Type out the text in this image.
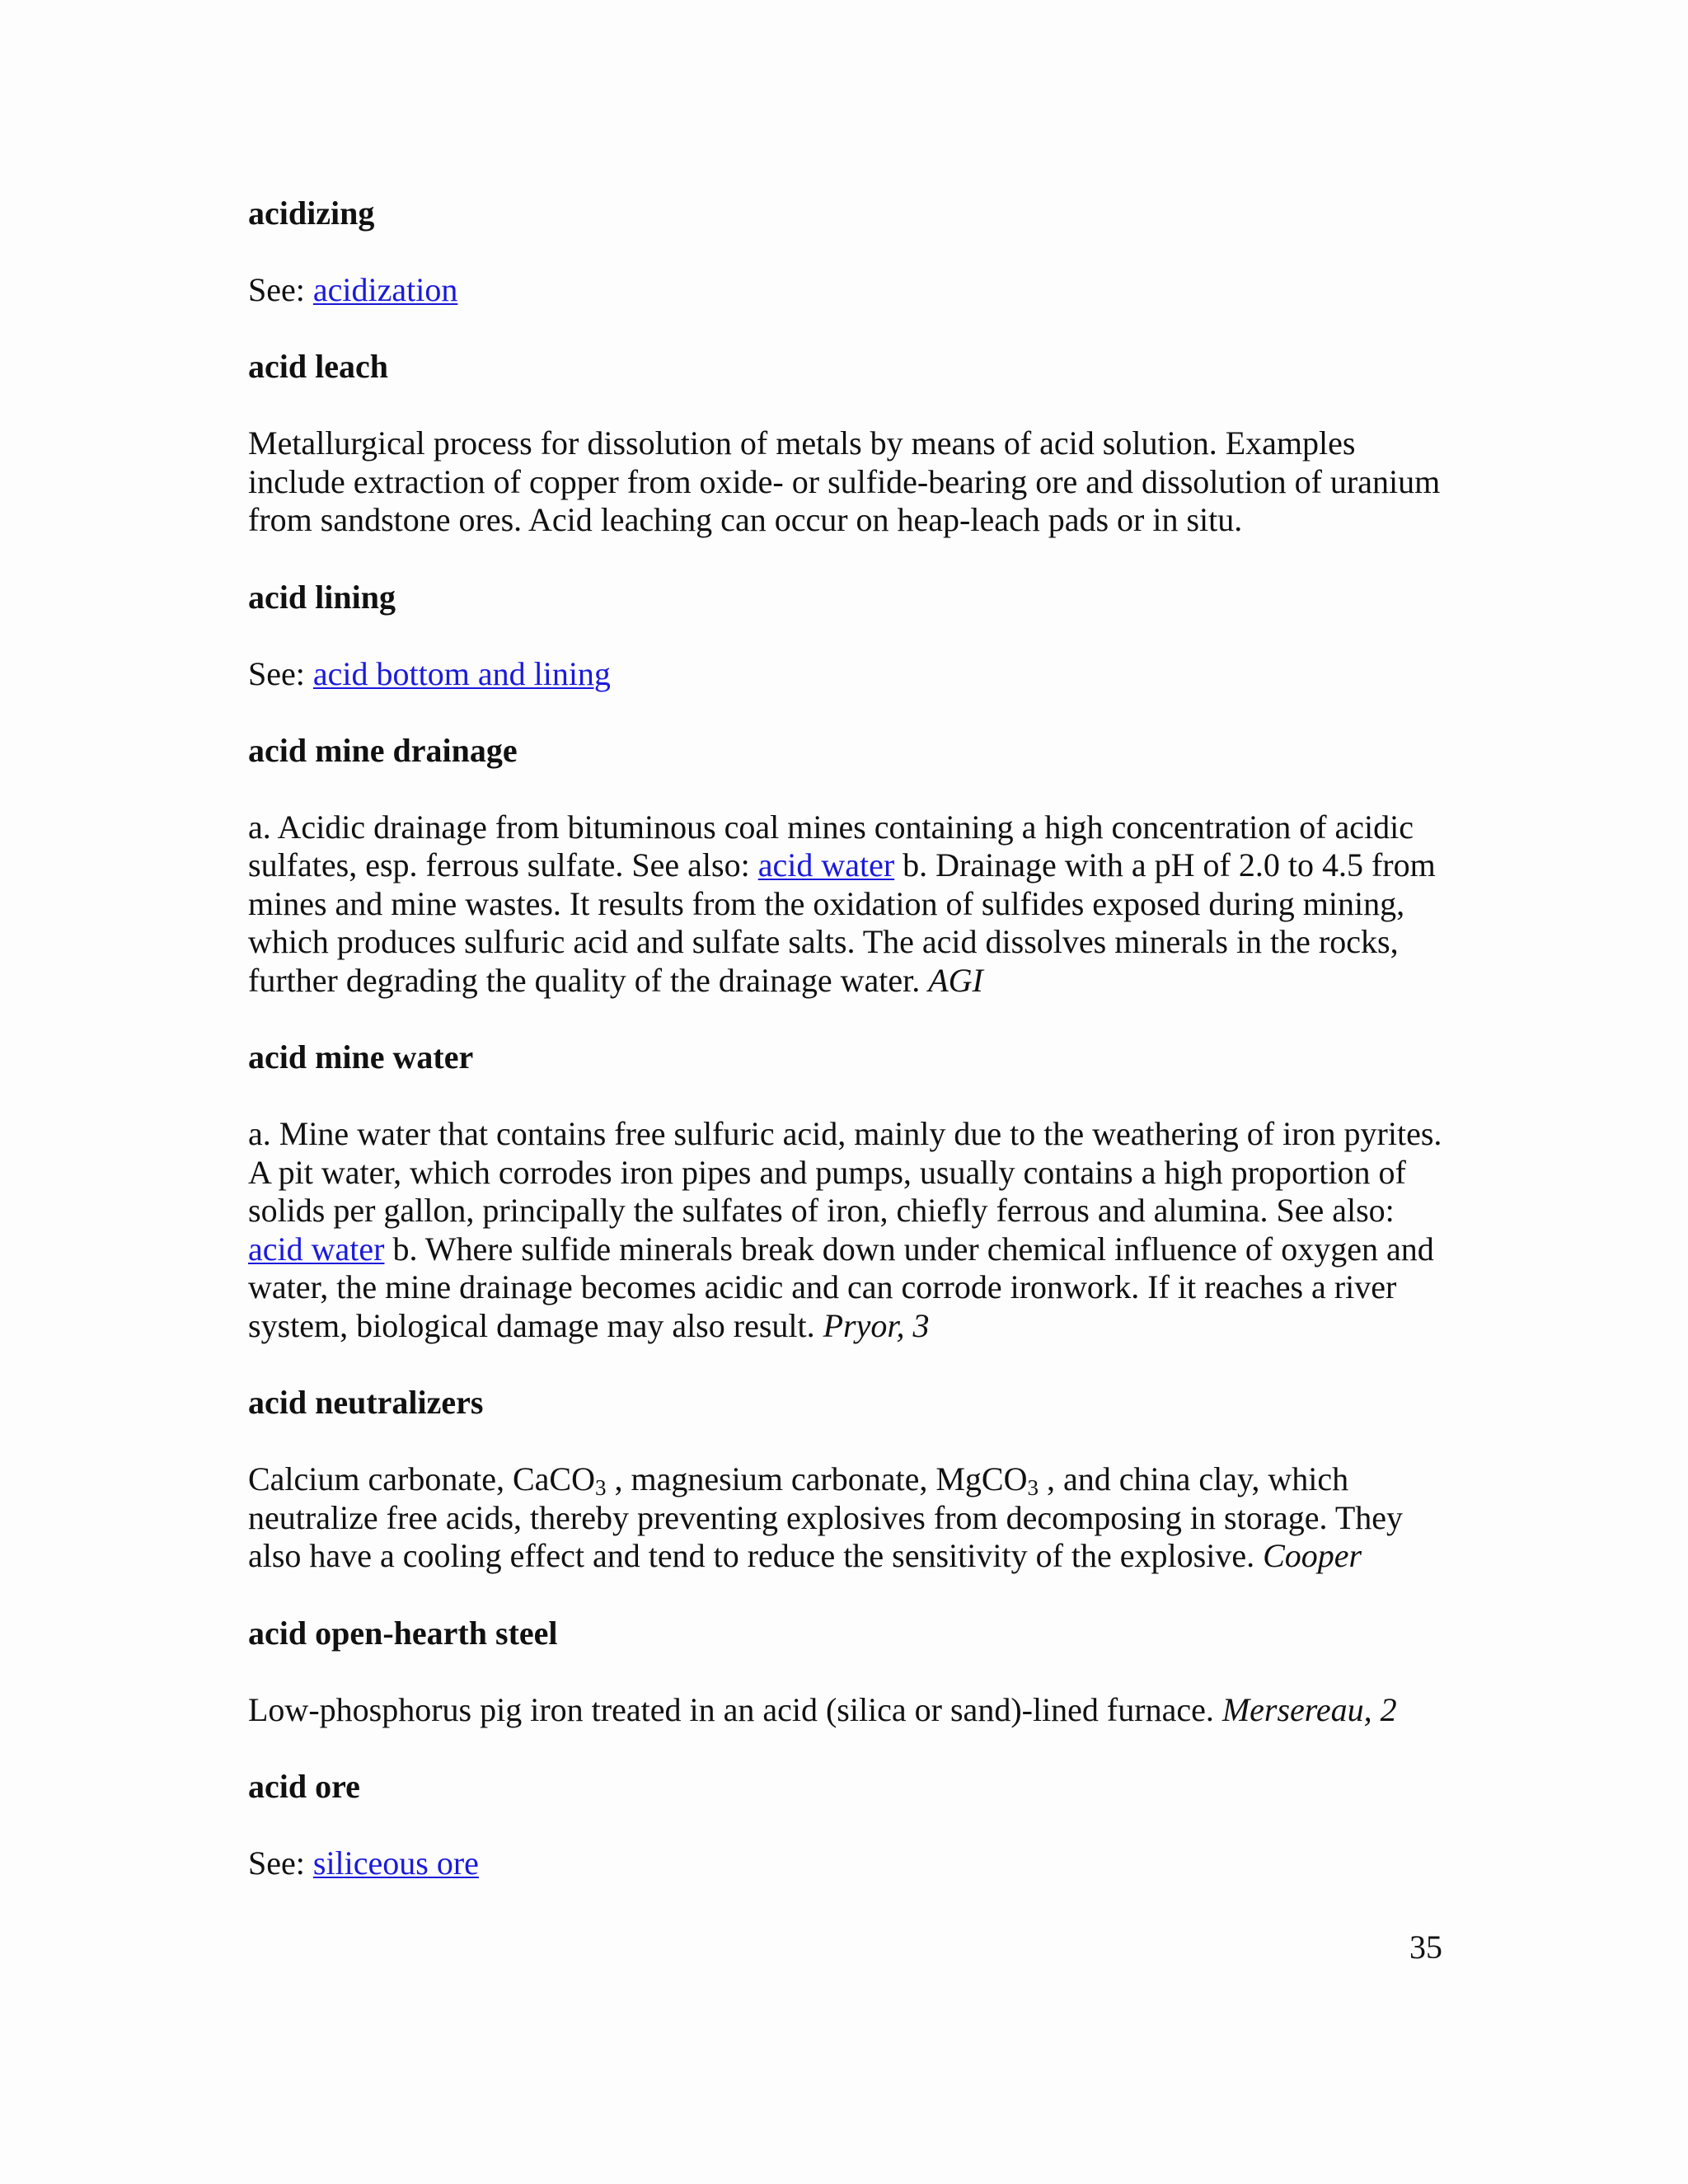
acidizing

See: acidization

acid leach

Metallurgical process for dissolution of metals by means of acid solution. Examples include extraction of copper from oxide- or sulfide-bearing ore and dissolution of uranium from sandstone ores. Acid leaching can occur on heap-leach pads or in situ.

acid lining

See: acid bottom and lining

acid mine drainage

a. Acidic drainage from bituminous coal mines containing a high concentration of acidic sulfates, esp. ferrous sulfate. See also: acid water b. Drainage with a pH of 2.0 to 4.5 from mines and mine wastes. It results from the oxidation of sulfides exposed during mining, which produces sulfuric acid and sulfate salts. The acid dissolves minerals in the rocks, further degrading the quality of the drainage water. AGI

acid mine water

a. Mine water that contains free sulfuric acid, mainly due to the weathering of iron pyrites. A pit water, which corrodes iron pipes and pumps, usually contains a high proportion of solids per gallon, principally the sulfates of iron, chiefly ferrous and alumina. See also: acid water b. Where sulfide minerals break down under chemical influence of oxygen and water, the mine drainage becomes acidic and can corrode ironwork. If it reaches a river system, biological damage may also result. Pryor, 3

acid neutralizers

Calcium carbonate, CaCO$_3$ , magnesium carbonate, MgCO$_3$ , and china clay, which neutralize free acids, thereby preventing explosives from decomposing in storage. They also have a cooling effect and tend to reduce the sensitivity of the explosive. Cooper

acid open-hearth steel

Low-phosphorus pig iron treated in an acid (silica or sand)-lined furnace. Mersereau, 2

acid ore

See: siliceous ore

35
